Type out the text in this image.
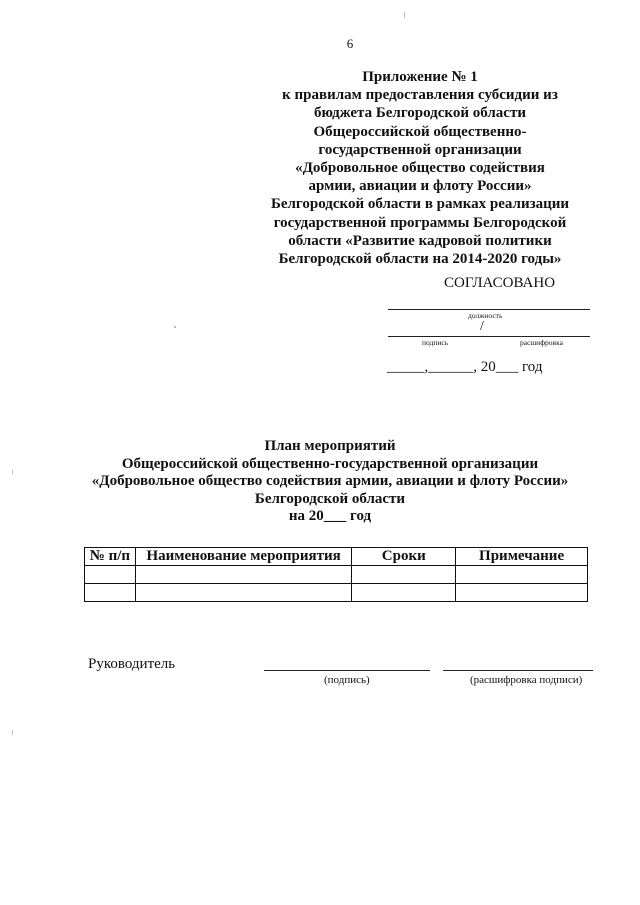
6
Приложение № 1
к правилам предоставления субсидии из
бюджета Белгородской области
Общероссийской общественно-
государственной организации
«Добровольное общество содействия
армии, авиации и флоту России»
Белгородской области в рамках реализации
государственной программы Белгородской
области «Развитие кадровой политики
Белгородской области на 2014-2020 годы»
СОГЛАСОВАНО
должность
/
подпись	расшифровка
_____,______, 20___ год
План мероприятий
Общероссийской общественно-государственной организации
«Добровольное общество содействия армии, авиации и флоту России»
Белгородской области
на 20___ год
№ п/п	Наименование мероприятия	Сроки	Примечание

Руководитель
(подпись)	(расшифровка подписи)
